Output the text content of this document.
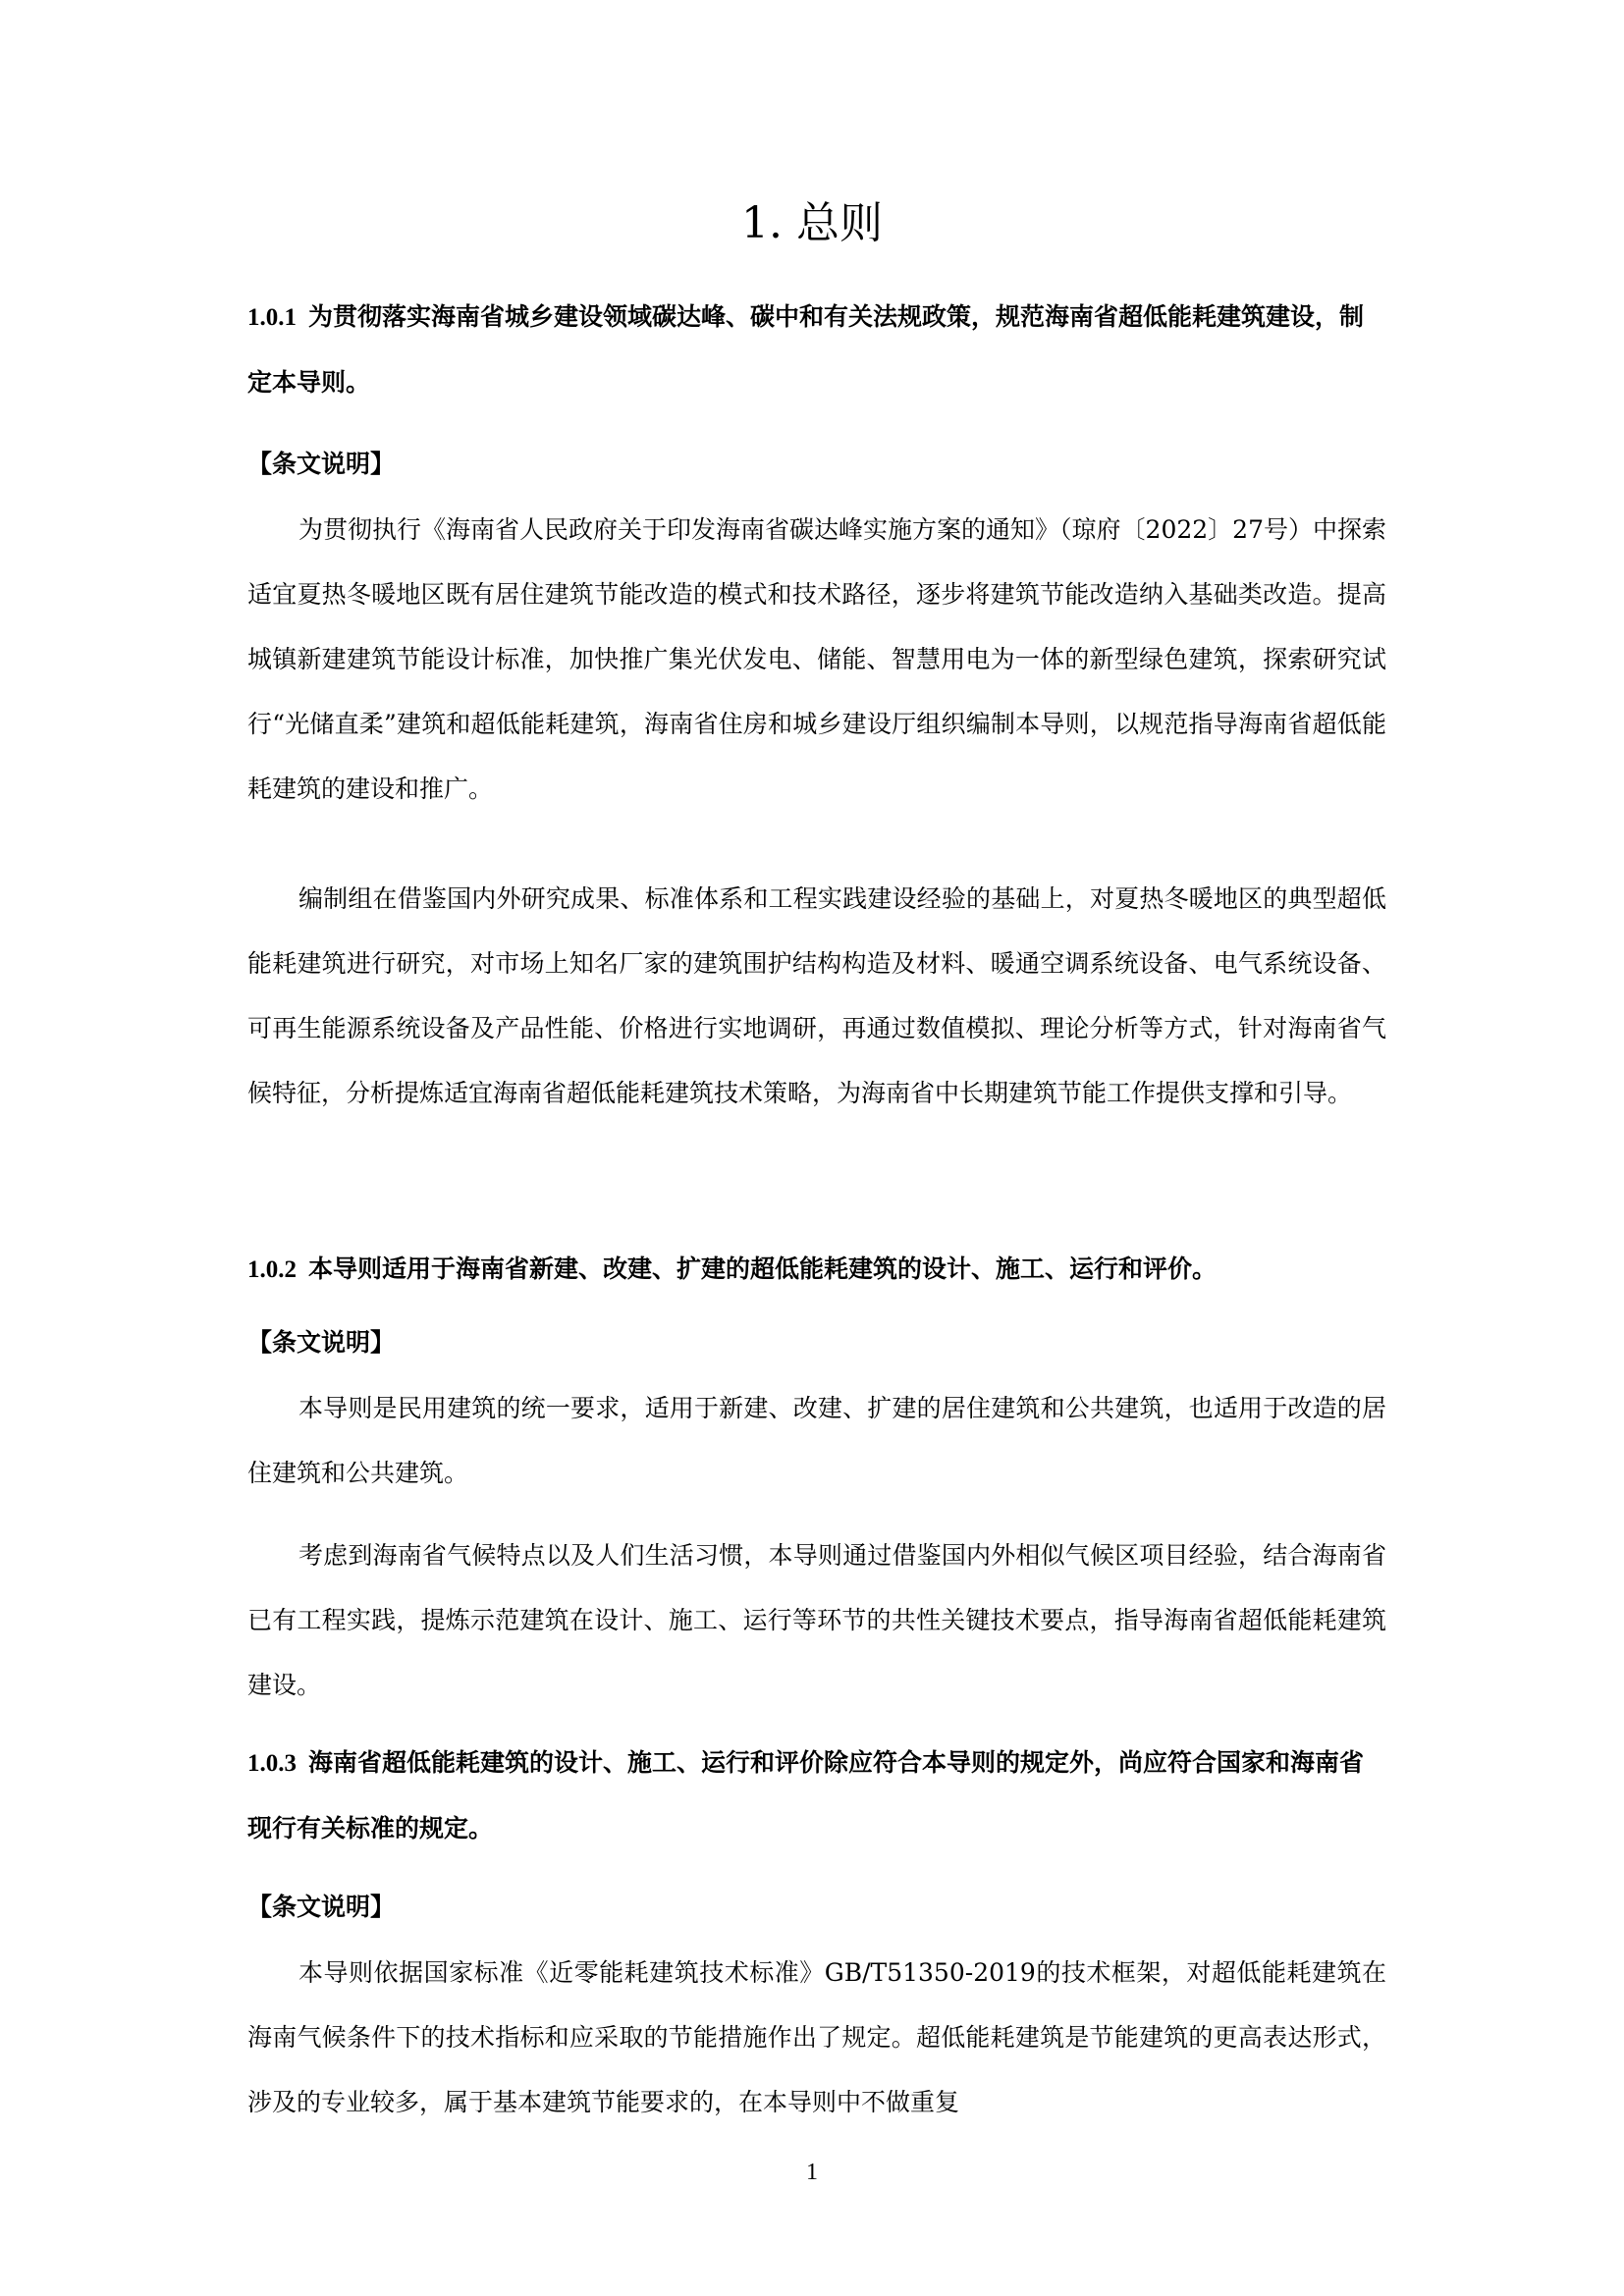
1. 总则

1.0.1 为贯彻落实海南省城乡建设领域碳达峰、碳中和有关法规政策，规范海南省超低能耗建筑建设，制定本导则。

【条文说明】

为贯彻执行《海南省人民政府关于印发海南省碳达峰实施方案的通知》（琼府〔2022〕27号）中探索适宜夏热冬暖地区既有居住建筑节能改造的模式和技术路径，逐步将建筑节能改造纳入基础类改造。提高城镇新建建筑节能设计标准，加快推广集光伏发电、储能、智慧用电为一体的新型绿色建筑，探索研究试行“光储直柔”建筑和超低能耗建筑，海南省住房和城乡建设厅组织编制本导则，以规范指导海南省超低能耗建筑的建设和推广。

编制组在借鉴国内外研究成果、标准体系和工程实践建设经验的基础上，对夏热冬暖地区的典型超低能耗建筑进行研究，对市场上知名厂家的建筑围护结构构造及材料、暖通空调系统设备、电气系统设备、可再生能源系统设备及产品性能、价格进行实地调研，再通过数值模拟、理论分析等方式，针对海南省气候特征，分析提炼适宜海南省超低能耗建筑技术策略，为海南省中长期建筑节能工作提供支撑和引导。

1.0.2 本导则适用于海南省新建、改建、扩建的超低能耗建筑的设计、施工、运行和评价。

【条文说明】

本导则是民用建筑的统一要求，适用于新建、改建、扩建的居住建筑和公共建筑，也适用于改造的居住建筑和公共建筑。

考虑到海南省气候特点以及人们生活习惯，本导则通过借鉴国内外相似气候区项目经验，结合海南省已有工程实践，提炼示范建筑在设计、施工、运行等环节的共性关键技术要点，指导海南省超低能耗建筑建设。

1.0.3 海南省超低能耗建筑的设计、施工、运行和评价除应符合本导则的规定外，尚应符合国家和海南省现行有关标准的规定。

【条文说明】

本导则依据国家标准《近零能耗建筑技术标准》GB/T51350-2019的技术框架，对超低能耗建筑在海南气候条件下的技术指标和应采取的节能措施作出了规定。超低能耗建筑是节能建筑的更高表达形式，涉及的专业较多，属于基本建筑节能要求的，在本导则中不做重复

1
